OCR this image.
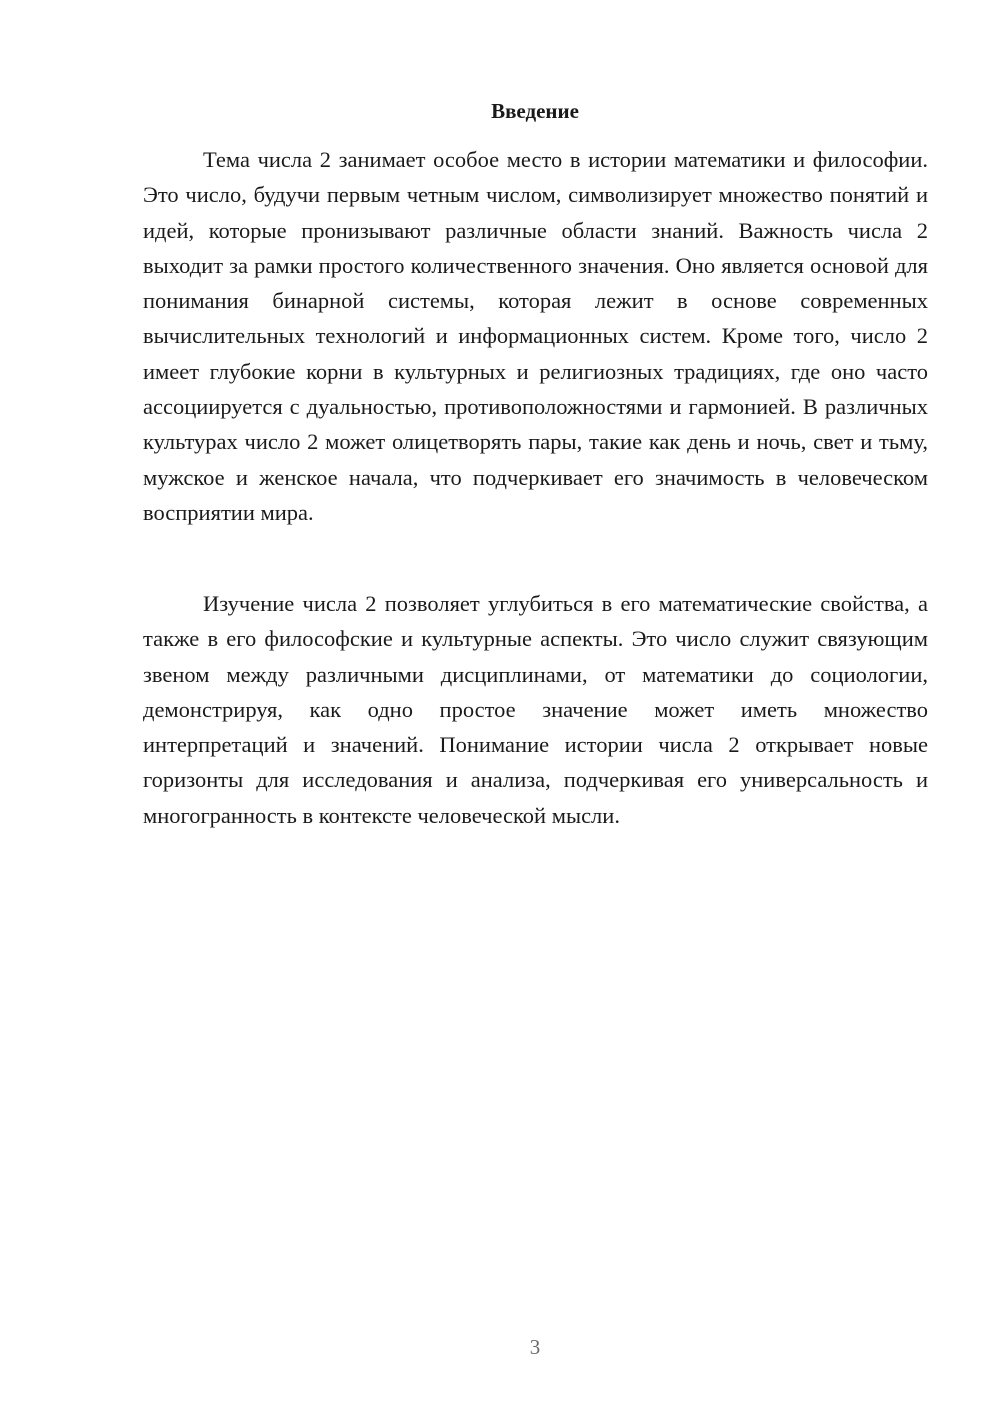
Введение

Тема числа 2 занимает особое место в истории математики и философии. Это число, будучи первым четным числом, символизирует множество понятий и идей, которые пронизывают различные области знаний. Важность числа 2 выходит за рамки простого количественного значения. Оно является основой для понимания бинарной системы, которая лежит в основе современных вычислительных технологий и информационных систем. Кроме того, число 2 имеет глубокие корни в культурных и религиозных традициях, где оно часто ассоциируется с дуальностью, противоположностями и гармонией. В различных культурах число 2 может олицетворять пары, такие как день и ночь, свет и тьму, мужское и женское начала, что подчеркивает его значимость в человеческом восприятии мира.

Изучение числа 2 позволяет углубиться в его математические свойства, а также в его философские и культурные аспекты. Это число служит связующим звеном между различными дисциплинами, от математики до социологии, демонстрируя, как одно простое значение может иметь множество интерпретаций и значений. Понимание истории числа 2 открывает новые горизонты для исследования и анализа, подчеркивая его универсальность и многогранность в контексте человеческой мысли.

3
